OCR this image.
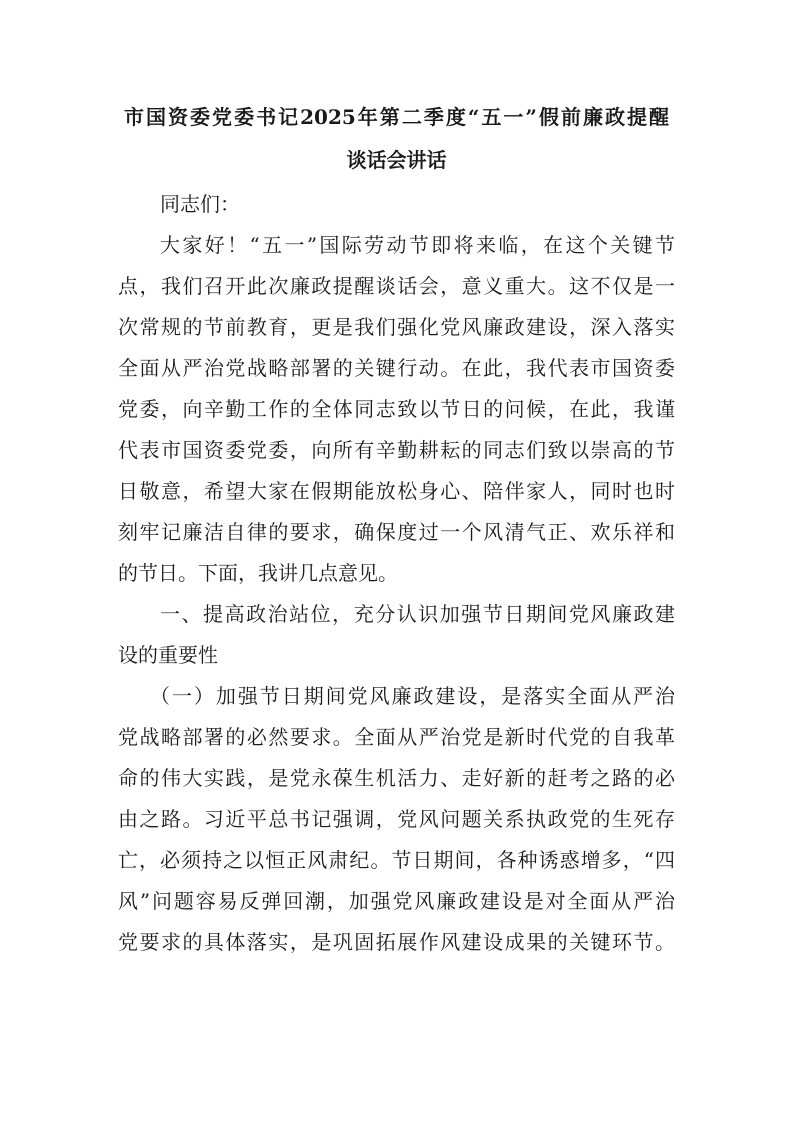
市国资委党委书记2025年第二季度“五一”假前廉政提醒
谈话会讲话
同志们：
大家好！“五一”国际劳动节即将来临，在这个关键节
点，我们召开此次廉政提醒谈话会，意义重大。这不仅是一
次常规的节前教育，更是我们强化党风廉政建设，深入落实
全面从严治党战略部署的关键行动。在此，我代表市国资委
党委，向辛勤工作的全体同志致以节日的问候，在此，我谨
代表市国资委党委，向所有辛勤耕耘的同志们致以崇高的节
日敬意，希望大家在假期能放松身心、陪伴家人，同时也时
刻牢记廉洁自律的要求，确保度过一个风清气正、欢乐祥和
的节日。下面，我讲几点意见。
一、提高政治站位，充分认识加强节日期间党风廉政建
设的重要性
（一）加强节日期间党风廉政建设，是落实全面从严治
党战略部署的必然要求。全面从严治党是新时代党的自我革
命的伟大实践，是党永葆生机活力、走好新的赶考之路的必
由之路。习近平总书记强调，党风问题关系执政党的生死存
亡，必须持之以恒正风肃纪。节日期间，各种诱惑增多，“四
风”问题容易反弹回潮，加强党风廉政建设是对全面从严治
党要求的具体落实，是巩固拓展作风建设成果的关键环节。
